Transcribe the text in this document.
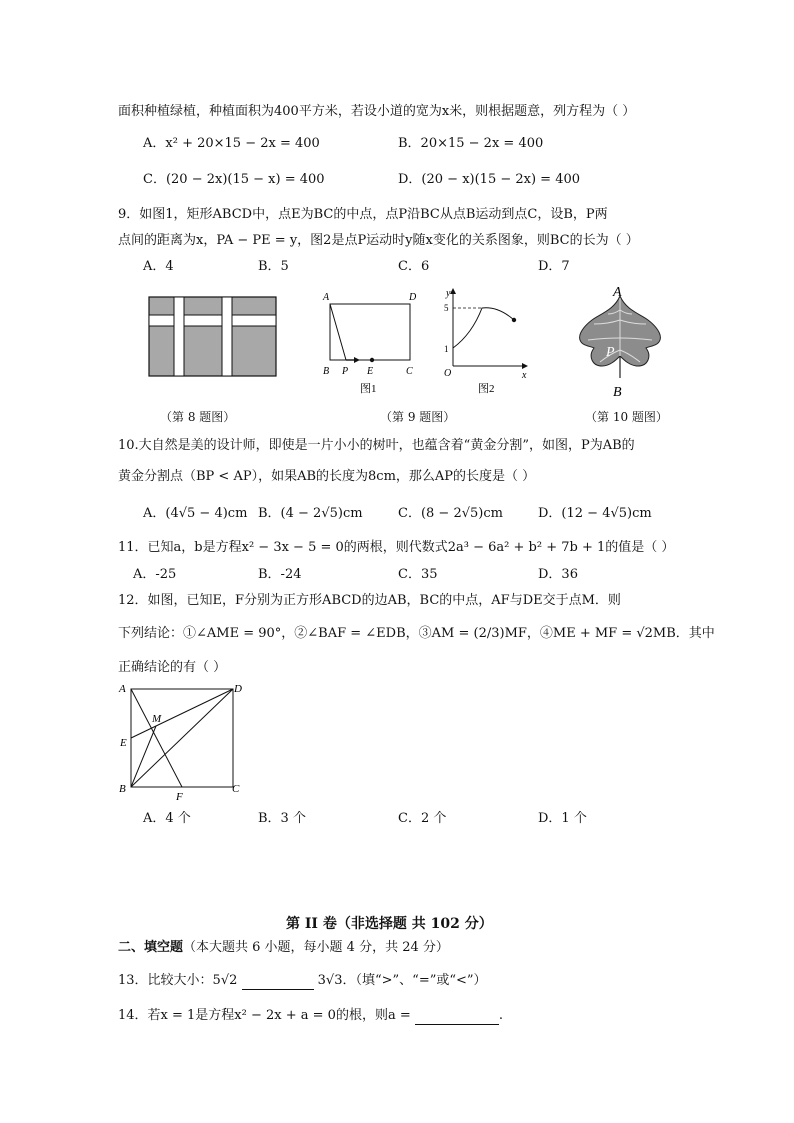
面积种植绿植，种植面积为400平方米，若设小道的宽为x米，则根据题意，列方程为（ ）
A．x² + 20×15 − 2x = 400	B．20×15 − 2x = 400
C．(20 − 2x)(15 − x) = 400	D．(20 − x)(15 − 2x) = 400
9．如图1，矩形ABCD中，点E为BC的中点，点P沿BC从点B运动到点C，设B，P两
点间的距离为x，PA − PE = y，图2是点P运动时y随x变化的关系图象，则BC的长为（ ）
A．4	B．5	C．6	D．7
（第 8 题图）
A	D
B P E	C
图1
y
x
5
1
O
图2
（第 9 题图）
A
P
B
（第 10 题图）
10.大自然是美的设计师，即使是一片小小的树叶，也蕴含着“黄金分割”，如图，P为AB的
黄金分割点（BP < AP），如果AB的长度为8cm，那么AP的长度是（ ）
A．(4√5 − 4)cm B．(4 − 2√5)cm	C．(8 − 2√5)cm	D．(12 − 4√5)cm
11．已知a，b是方程x² − 3x − 5 = 0的两根，则代数式2a³ − 6a² + b² + 7b + 1的值是（ ）
A．-25	B．-24	C．35	D．36
12．如图，已知E，F分别为正方形ABCD的边AB，BC的中点，AF与DE交于点M．则
下列结论：①∠AME = 90°，②∠BAF = ∠EDB，③AM = (2/3)MF，④ME + MF = √2MB．其中
正确结论的有（ ）
A	D
M
E
B	C
F
A．4 个	B．3 个	C．2 个	D．1 个
第 II 卷（非选择题 共 102 分）
二、填空题（本大题共 6 小题，每小题 4 分，共 24 分）
13．比较大小：5√2	3√3．（填“>”、“=”或“<”）
14．若x = 1是方程x² − 2x + a = 0的根，则a =	.
